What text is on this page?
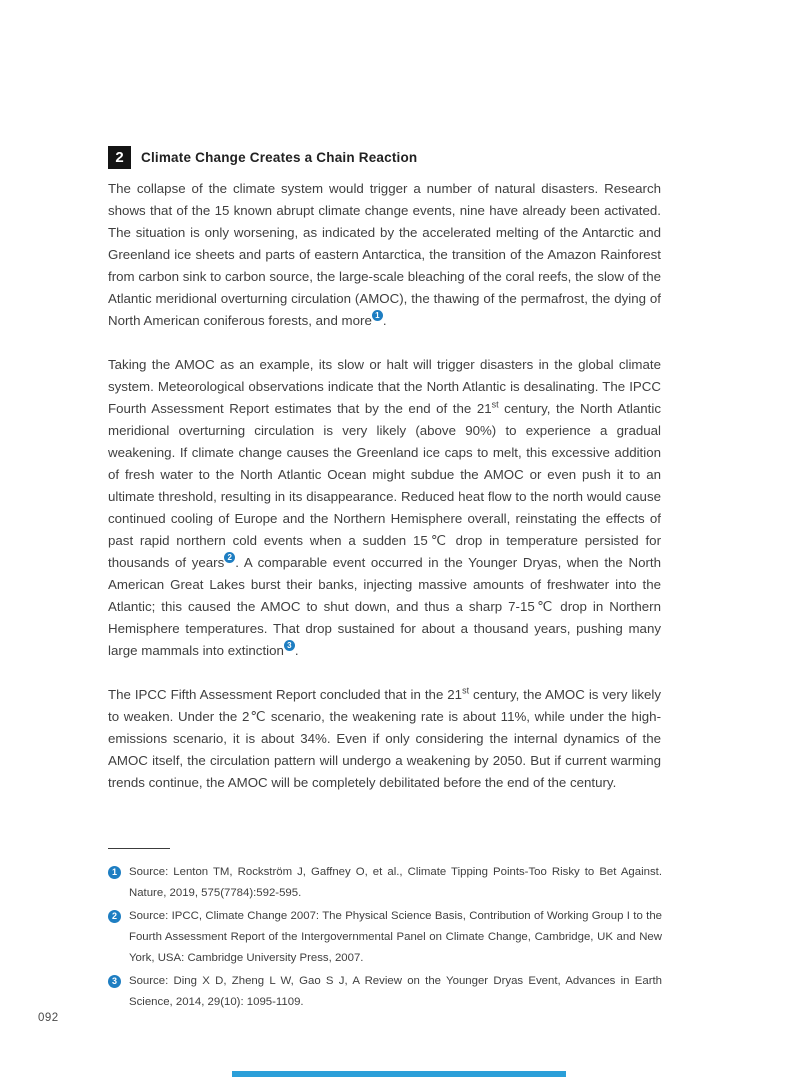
2	Climate Change Creates a Chain Reaction

The collapse of the climate system would trigger a number of natural disasters. Research shows that of the 15 known abrupt climate change events, nine have already been activated. The situation is only worsening, as indicated by the accelerated melting of the Antarctic and Greenland ice sheets and parts of eastern Antarctica, the transition of the Amazon Rainforest from carbon sink to carbon source, the large-scale bleaching of the coral reefs, the slow of the Atlantic meridional overturning circulation (AMOC), the thawing of the permafrost, the dying of North American coniferous forests, and more 1 .

Taking the AMOC as an example, its slow or halt will trigger disasters in the global climate system. Meteorological observations indicate that the North Atlantic is desalinating. The IPCC Fourth Assessment Report estimates that by the end of the 21st century, the North Atlantic meridional overturning circulation is very likely (above 90%) to experience a gradual weakening. If climate change causes the Greenland ice caps to melt, this excessive addition of fresh water to the North Atlantic Ocean might subdue the AMOC or even push it to an ultimate threshold, resulting in its disappearance. Reduced heat flow to the north would cause continued cooling of Europe and the Northern Hemisphere overall, reinstating the effects of past rapid northern cold events when a sudden 15℃ drop in temperature persisted for thousands of years 2 . A comparable event occurred in the Younger Dryas, when the North American Great Lakes burst their banks, injecting massive amounts of freshwater into the Atlantic; this caused the AMOC to shut down, and thus a sharp 7-15℃ drop in Northern Hemisphere temperatures. That drop sustained for about a thousand years, pushing many large mammals into extinction 3 .

The IPCC Fifth Assessment Report concluded that in the 21st century, the AMOC is very likely to weaken. Under the 2℃ scenario, the weakening rate is about 11%, while under the high-emissions scenario, it is about 34%. Even if only considering the internal dynamics of the AMOC itself, the circulation pattern will undergo a weakening by 2050. But if current warming trends continue, the AMOC will be completely debilitated before the end of the century.

1	Source: Lenton TM, Rockström J, Gaffney O, et al., Climate Tipping Points-Too Risky to Bet Against. Nature, 2019, 575(7784):592-595.
2	Source: IPCC, Climate Change 2007: The Physical Science Basis, Contribution of Working Group I to the Fourth Assessment Report of the Intergovernmental Panel on Climate Change, Cambridge, UK and New York, USA: Cambridge University Press, 2007.
3	Source: Ding X D, Zheng L W, Gao S J, A Review on the Younger Dryas Event, Advances in Earth Science, 2014, 29(10): 1095-1109.
092
